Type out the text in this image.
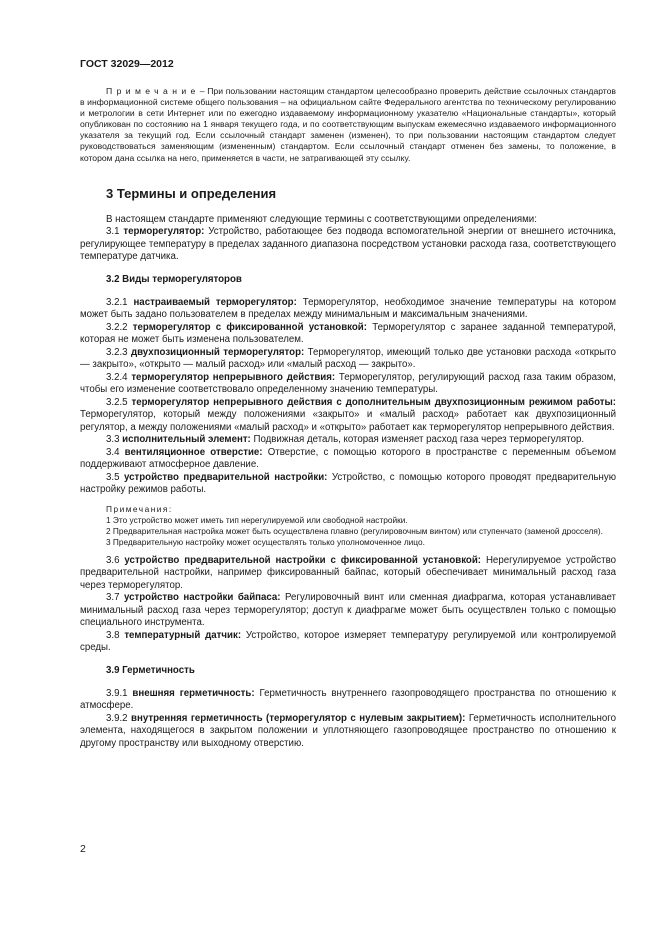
ГОСТ 32029—2012
Примечание– При пользовании настоящим стандартом целесообразно проверить действие ссылочных стандартов в информационной системе общего пользования – на официальном сайте Федерального агентства по техническому регулированию и метрологии в сети Интернет или по ежегодно издаваемому информационному указателю «Национальные стандарты», который опубликован по состоянию на 1 января текущего года, и по соответствующим выпускам ежемесячно издаваемого информационного указателя за текущий год. Если ссылочный стандарт заменен (изменен), то при пользовании настоящим стандартом следует руководствоваться заменяющим (измененным) стандартом. Если ссылочный стандарт отменен без замены, то положение, в котором дана ссылка на него, применяется в части, не затрагивающей эту ссылку.
3 Термины и определения

В настоящем стандарте применяют следующие термины с соответствующими определениями:

3.1 терморегулятор: Устройство, работающее без подвода вспомогательной энергии от внешнего источника, регулирующее температуру в пределах заданного диапазона посредством установки расхода газа, соответствующего температуре датчика.

3.2 Виды терморегуляторов

3.2.1 настраиваемый терморегулятор: Терморегулятор, необходимое значение температуры на котором может быть задано пользователем в пределах между минимальным и максимальным значениями.

3.2.2 терморегулятор с фиксированной установкой: Терморегулятор с заранее заданной температурой, которая не может быть изменена пользователем.

3.2.3 двухпозиционный терморегулятор: Терморегулятор, имеющий только две установки расхода «открыто — закрыто», «открыто — малый расход» или «малый расход — закрыто».

3.2.4 терморегулятор непрерывного действия: Терморегулятор, регулирующий расход газа таким образом, чтобы его изменение соответствовало определенному значению температуры.

3.2.5 терморегулятор непрерывного действия с дополнительным двухпозиционным режимом работы: Терморегулятор, который между положениями «закрыто» и «малый расход» работает как двухпозиционный регулятор, а между положениями «малый расход» и «открыто» работает как терморегулятор непрерывного действия.

3.3 исполнительный элемент: Подвижная деталь, которая изменяет расход газа через терморегулятор.

3.4 вентиляционное отверстие: Отверстие, с помощью которого в пространстве с переменным объемом поддерживают атмосферное давление.

3.5 устройство предварительной настройки: Устройство, с помощью которого проводят предварительную настройку режимов работы.

Примечания:
1 Это устройство может иметь тип нерегулируемой или свободной настройки.
2 Предварительная настройка может быть осуществлена плавно (регулировочным винтом) или ступенчато (заменой дросселя).
3 Предварительную настройку может осуществлять только уполномоченное лицо.

3.6 устройство предварительной настройки с фиксированной установкой: Нерегулируемое устройство предварительной настройки, например фиксированный байпас, который обеспечивает минимальный расход газа через терморегулятор.

3.7 устройство настройки байпаса: Регулировочный винт или сменная диафрагма, которая устанавливает минимальный расход газа через терморегулятор; доступ к диафрагме может быть осуществлен только с помощью специального инструмента.

3.8 температурный датчик: Устройство, которое измеряет температуру регулируемой или контролируемой среды.

3.9 Герметичность

3.9.1 внешняя герметичность: Герметичность внутреннего газопроводящего пространства по отношению к атмосфере.

3.9.2 внутренняя герметичность (терморегулятор с нулевым закрытием): Герметичность исполнительного элемента, находящегося в закрытом положении и уплотняющего газопроводящее пространство по отношению к другому пространству или выходному отверстию.

2
